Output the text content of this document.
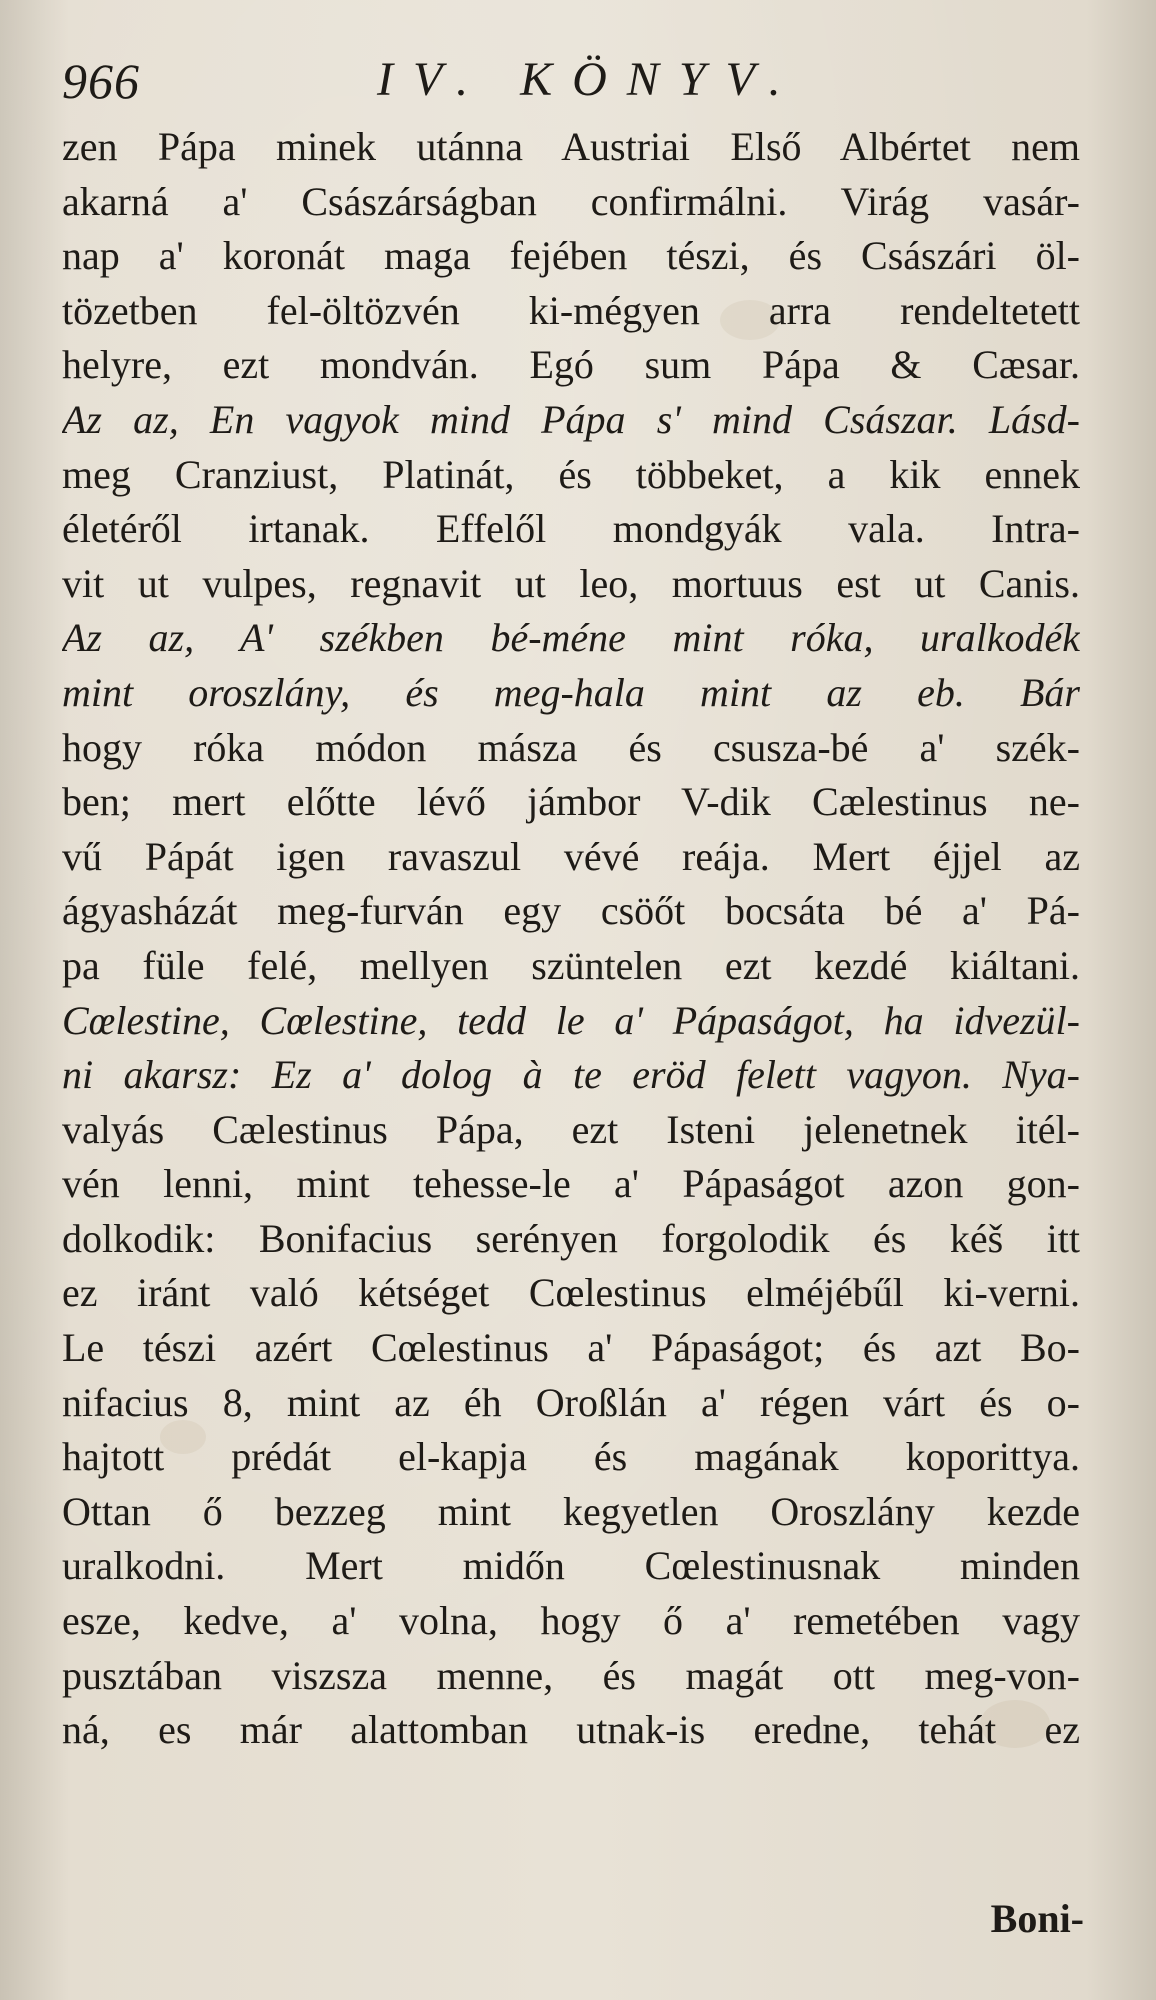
966	IV. KÖNYV.
zen Pápa minek utánna Austriai Első Albértet nem
akarná a' Császárságban confirmálni. Virág vasár-
nap a' koronát maga fejében tészi, és Császári öl-
tözetben fel-öltözvén ki-mégyen arra rendeltetett
helyre, ezt mondván. Egó sum Pápa & Cæsar.
Az az, En vagyok mind Pápa s' mind Császar. Lásd-
meg Cranziust, Platinát, és többeket, a kik ennek
életéről irtanak. Effelől mondgyák vala. Intra-
vit ut vulpes, regnavit ut leo, mortuus est ut Canis.
Az az, A' székben bé-méne mint róka, uralkodék
mint oroszlány, és meg-hala mint az eb. Bár
hogy róka módon másza és csusza-bé a' szék-
ben; mert előtte lévő jámbor V-dik Cælestinus ne-
vű Pápát igen ravaszul vévé reája. Mert éjjel az
ágyasházát meg-furván egy csöőt bocsáta bé a' Pá-
pa füle felé, mellyen szüntelen ezt kezdé kiáltani.
Cœlestine, Cœlestine, tedd le a' Pápaságot, ha idvezül-
ni akarsz: Ez a' dolog à te eröd felett vagyon. Nya-
valyás Cælestinus Pápa, ezt Isteni jelenetnek itél-
vén lenni, mint tehesse-le a' Pápaságot azon gon-
dolkodik: Bonifacius serényen forgolodik és kéš itt
ez iránt való kétséget Cœlestinus elméjébűl ki-verni.
Le tészi azért Cœlestinus a' Pápaságot; és azt Bo-
nifacius 8, mint az éh Oroßlán a' régen várt és o-
hajtott prédát el-kapja és magának koporittya.
Ottan ő bezzeg mint kegyetlen Oroszlány kezde
uralkodni. Mert midőn Cœlestinusnak minden
esze, kedve, a' volna, hogy ő a' remetében vagy
pusztában viszsza menne, és magát ott meg-von-
ná, es már alattomban utnak-is eredne, tehát ez
Boni-
